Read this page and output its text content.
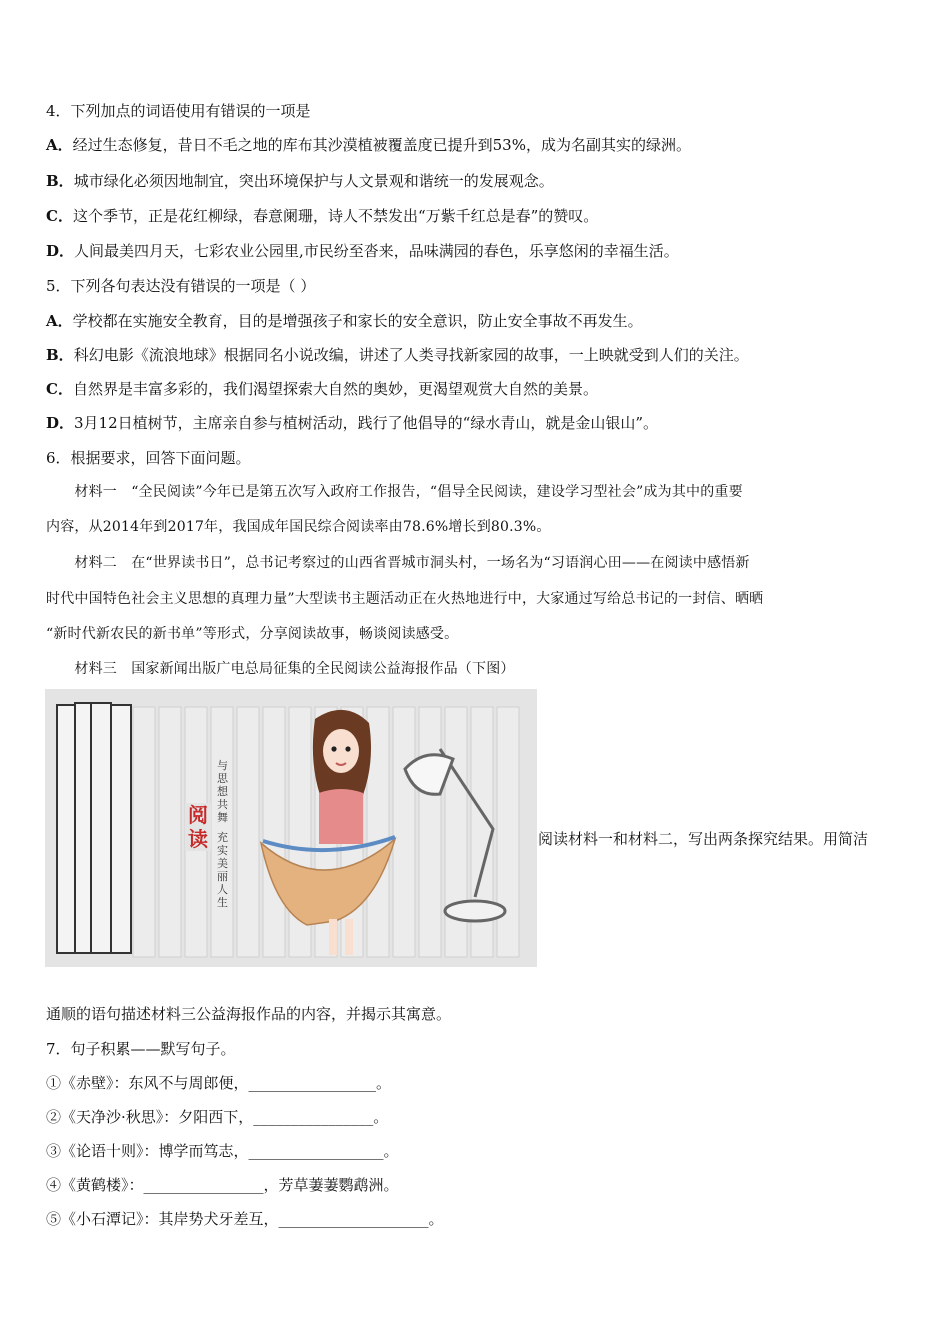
4．下列加点的词语使用有错误的一项是
A．经过生态修复，昔日不毛之地的库布其沙漠植被覆盖度已提升到53%，成为名副其实的绿洲。
B．城市绿化必须因地制宜，突出环境保护与人文景观和谐统一的发展观念。
C．这个季节，正是花红柳绿，春意阑珊，诗人不禁发出“万紫千红总是春”的赞叹。
D．人间最美四月天，七彩农业公园里,市民纷至沓来，品味满园的春色，乐享悠闲的幸福生活。
5．下列各句表达没有错误的一项是（ ）
A．学校都在实施安全教育，目的是增强孩子和家长的安全意识，防止安全事故不再发生。
B．科幻电影《流浪地球》根据同名小说改编，讲述了人类寻找新家园的故事，一上映就受到人们的关注。
C．自然界是丰富多彩的，我们渴望探索大自然的奥妙，更渴望观赏大自然的美景。
D．3月12日植树节，主席亲自参与植树活动，践行了他倡导的“绿水青山，就是金山银山”。
6．根据要求，回答下面问题。
　　材料一　“全民阅读”今年已是第五次写入政府工作报告，“倡导全民阅读，建设学习型社会”成为其中的重要
内容，从2014年到2017年，我国成年国民综合阅读率由78.6%增长到80.3%。
　　材料二　在“世界读书日”，总书记考察过的山西省晋城市洞头村，一场名为“习语润心田——在阅读中感悟新
时代中国特色社会主义思想的真理力量”大型读书主题活动正在火热地进行中，大家通过写给总书记的一封信、晒晒
“新时代新农民的新书单”等形式，分享阅读故事，畅谈阅读感受。
　　材料三　国家新闻出版广电总局征集的全民阅读公益海报作品（下图）
阅读
与思想共舞
充实美丽人生
阅读材料一和材料二，写出两条探究结果。用简洁
通顺的语句描述材料三公益海报作品的内容，并揭示其寓意。
7．句子积累——默写句子。
①《赤壁》：东风不与周郎便，_________________。
②《天净沙·秋思》：夕阳西下，________________。
③《论语十则》：博学而笃志，__________________。
④《黄鹤楼》：________________，芳草萋萋鹦鹉洲。
⑤《小石潭记》：其岸势犬牙差互，____________________。
